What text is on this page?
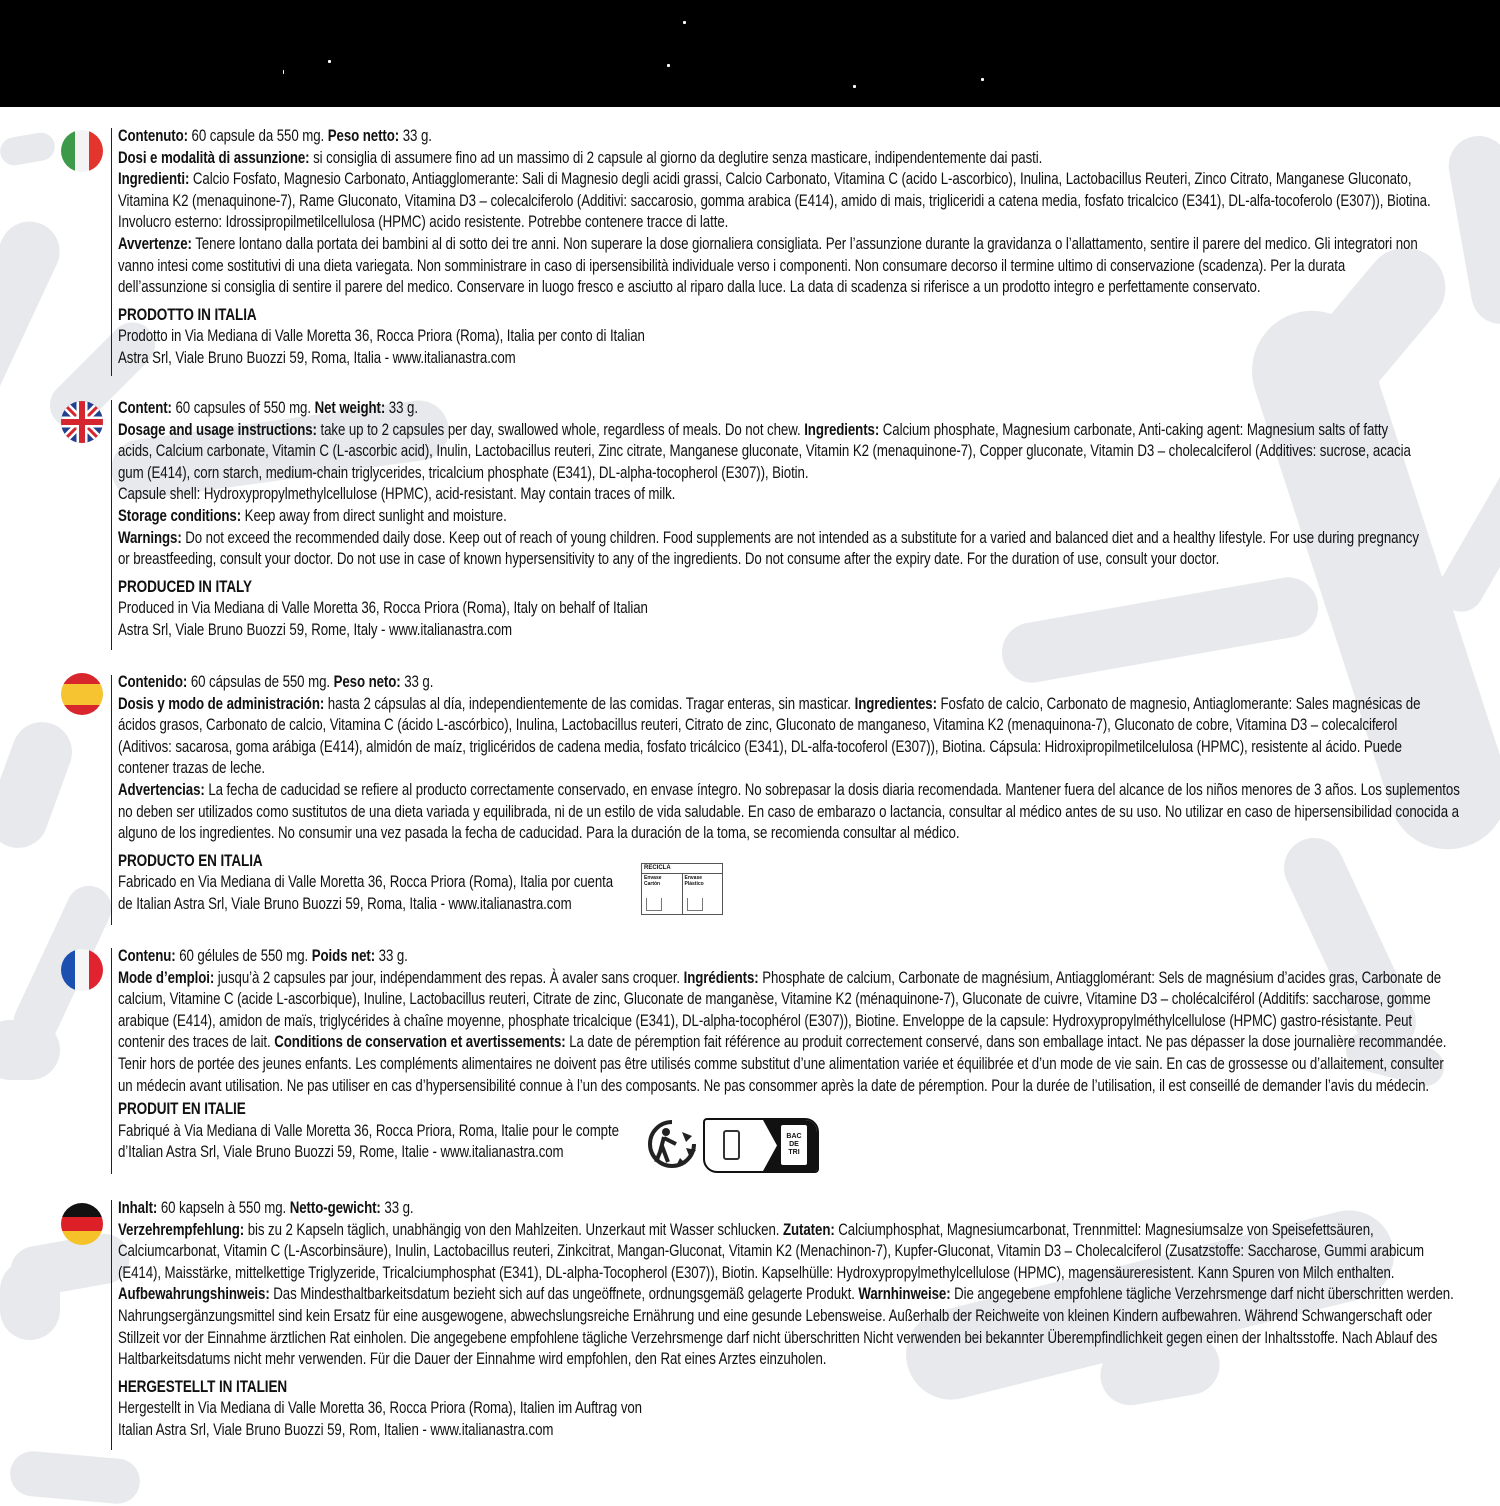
Contenuto: 60 capsule da 550 mg. Peso netto: 33 g.

Dosi e modalità di assunzione: si consiglia di assumere fino ad un massimo di 2 capsule al giorno da deglutire senza masticare, indipendentemente dai pasti.

Ingredienti: Calcio Fosfato, Magnesio Carbonato, Antiagglomerante: Sali di Magnesio degli acidi grassi, Calcio Carbonato, Vitamina C (acido L-ascorbico), Inulina, Lactobacillus Reuteri, Zinco Citrato, Manganese Gluconato, Vitamina K2 (menaquinone-7), Rame Gluconato, Vitamina D3 – colecalciferolo (Additivi: saccarosio, gomma arabica (E414), amido di mais, trigliceridi a catena media, fosfato tricalcico (E341), DL-alfa-tocoferolo (E307)), Biotina.

Involucro esterno: Idrossipropilmetilcellulosa (HPMC) acido resistente. Potrebbe contenere tracce di latte.

Avvertenze: Tenere lontano dalla portata dei bambini al di sotto dei tre anni. Non superare la dose giornaliera consigliata. Per l’assunzione durante la gravidanza o l’allattamento, sentire il parere del medico. Gli integratori non vanno intesi come sostitutivi di una dieta variegata. Non somministrare in caso di ipersensibilità individuale verso i componenti. Non consumare decorso il termine ultimo di conservazione (scadenza). Per la durata dell’assunzione si consiglia di sentire il parere del medico. Conservare in luogo fresco e asciutto al riparo dalla luce. La data di scadenza si riferisce a un prodotto integro e perfettamente conservato.

PRODOTTO IN ITALIA

Prodotto in Via Mediana di Valle Moretta 36, Rocca Priora (Roma), Italia per conto di Italian

Astra Srl, Viale Bruno Buozzi 59, Roma, Italia - www.italianastra.com

Content: 60 capsules of 550 mg. Net weight: 33 g.

Dosage and usage instructions: take up to 2 capsules per day, swallowed whole, regardless of meals. Do not chew. Ingredients: Calcium phosphate, Magnesium carbonate, Anti-caking agent: Magnesium salts of fatty acids, Calcium carbonate, Vitamin C (L-ascorbic acid), Inulin, Lactobacillus reuteri, Zinc citrate, Manganese gluconate, Vitamin K2 (menaquinone-7), Copper gluconate, Vitamin D3 – cholecalciferol (Additives: sucrose, acacia gum (E414), corn starch, medium-chain triglycerides, tricalcium phosphate (E341), DL-alpha-tocopherol (E307)), Biotin.

Capsule shell: Hydroxypropylmethylcellulose (HPMC), acid-resistant. May contain traces of milk.

Storage conditions: Keep away from direct sunlight and moisture.

Warnings: Do not exceed the recommended daily dose. Keep out of reach of young children. Food supplements are not intended as a substitute for a varied and balanced diet and a healthy lifestyle. For use during pregnancy or breastfeeding, consult your doctor. Do not use in case of known hypersensitivity to any of the ingredients. Do not consume after the expiry date. For the duration of use, consult your doctor.

PRODUCED IN ITALY

Produced in Via Mediana di Valle Moretta 36, Rocca Priora (Roma), Italy on behalf of Italian

Astra Srl, Viale Bruno Buozzi 59, Rome, Italy - www.italianastra.com

Contenido: 60 cápsulas de 550 mg. Peso neto: 33 g.

Dosis y modo de administración: hasta 2 cápsulas al día, independientemente de las comidas. Tragar enteras, sin masticar. Ingredientes: Fosfato de calcio, Carbonato de magnesio, Antiaglomerante: Sales magnésicas de ácidos grasos, Carbonato de calcio, Vitamina C (ácido L-ascórbico), Inulina, Lactobacillus reuteri, Citrato de zinc, Gluconato de manganeso, Vitamina K2 (menaquinona-7), Gluconato de cobre, Vitamina D3 – colecalciferol (Aditivos: sacarosa, goma arábiga (E414), almidón de maíz, triglicéridos de cadena media, fosfato tricálcico (E341), DL-alfa-tocoferol (E307)), Biotina. Cápsula: Hidroxipropilmetilcelulosa (HPMC), resistente al ácido. Puede contener trazas de leche.

Advertencias: La fecha de caducidad se refiere al producto correctamente conservado, en envase íntegro. No sobrepasar la dosis diaria recomendada. Mantener fuera del alcance de los niños menores de 3 años. Los suplementos no deben ser utilizados como sustitutos de una dieta variada y equilibrada, ni de un estilo de vida saludable. En caso de embarazo o lactancia, consultar al médico antes de su uso. No utilizar en caso de hipersensibilidad conocida a alguno de los ingredientes. No consumir una vez pasada la fecha de caducidad. Para la duración de la toma, se recomienda consultar al médico.

PRODUCTO EN ITALIA

Fabricado en Via Mediana di Valle Moretta 36, Rocca Priora (Roma), Italia por cuenta

de Italian Astra Srl, Viale Bruno Buozzi 59, Roma, Italia - www.italianastra.com

RECICLA
Envase Cartón
Envase Plástico

Contenu: 60 gélules de 550 mg. Poids net: 33 g.

Mode d’emploi: jusqu’à 2 capsules par jour, indépendamment des repas. À avaler sans croquer. Ingrédients: Phosphate de calcium, Carbonate de magnésium, Antiagglomérant: Sels de magnésium d’acides gras, Carbonate de calcium, Vitamine C (acide L-ascorbique), Inuline, Lactobacillus reuteri, Citrate de zinc, Gluconate de manganèse, Vitamine K2 (ménaquinone-7), Gluconate de cuivre, Vitamine D3 – cholécalciférol (Additifs: saccharose, gomme arabique (E414), amidon de maïs, triglycérides à chaîne moyenne, phosphate tricalcique (E341), DL-alpha-tocophérol (E307)), Biotine. Enveloppe de la capsule: Hydroxypropylméthylcellulose (HPMC) gastro-résistante. Peut contenir des traces de lait. Conditions de conservation et avertissements: La date de péremption fait référence au produit correctement conservé, dans son emballage intact. Ne pas dépasser la dose journalière recommandée. Tenir hors de portée des jeunes enfants. Les compléments alimentaires ne doivent pas être utilisés comme substitut d’une alimentation variée et équilibrée et d’un mode de vie sain. En cas de grossesse ou d’allaitement, consulter un médecin avant utilisation. Ne pas utiliser en cas d’hypersensibilité connue à l’un des composants. Ne pas consommer après la date de péremption. Pour la durée de l’utilisation, il est conseillé de demander l’avis du médecin.

PRODUIT EN ITALIE

Fabriqué à Via Mediana di Valle Moretta 36, Rocca Priora, Roma, Italie pour le compte

d’Italian Astra Srl, Viale Bruno Buozzi 59, Rome, Italie - www.italianastra.com

BAC
DE
TRI

Inhalt: 60 kapseln à 550 mg. Netto-gewicht: 33 g.

Verzehrempfehlung: bis zu 2 Kapseln täglich, unabhängig von den Mahlzeiten. Unzerkaut mit Wasser schlucken. Zutaten: Calciumphosphat, Magnesiumcarbonat, Trennmittel: Magnesiumsalze von Speisefettsäuren, Calciumcarbonat, Vitamin C (L-Ascorbinsäure), Inulin, Lactobacillus reuteri, Zinkcitrat, Mangan-Gluconat, Vitamin K2 (Menachinon-7), Kupfer-Gluconat, Vitamin D3 – Cholecalciferol (Zusatzstoffe: Saccharose, Gummi arabicum (E414), Maisstärke, mittelkettige Triglyzeride, Tricalciumphosphat (E341), DL-alpha-Tocopherol (E307)), Biotin. Kapselhülle: Hydroxypropylmethylcellulose (HPMC), magensäureresistent. Kann Spuren von Milch enthalten.

Aufbewahrungshinweis: Das Mindesthaltbarkeitsdatum bezieht sich auf das ungeöffnete, ordnungsgemäß gelagerte Produkt. Warnhinweise: Die angegebene empfohlene tägliche Verzehrsmenge darf nicht überschritten werden. Nahrungsergänzungsmittel sind kein Ersatz für eine ausgewogene, abwechslungsreiche Ernährung und eine gesunde Lebensweise. Außerhalb der Reichweite von kleinen Kindern aufbewahren. Während Schwangerschaft oder Stillzeit vor der Einnahme ärztlichen Rat einholen. Die angegebene empfohlene tägliche Verzehrsmenge darf nicht überschritten Nicht verwenden bei bekannter Überempfindlichkeit gegen einen der Inhaltsstoffe. Nach Ablauf des Haltbarkeitsdatums nicht mehr verwenden. Für die Dauer der Einnahme wird empfohlen, den Rat eines Arztes einzuholen.

HERGESTELLT IN ITALIEN

Hergestellt in Via Mediana di Valle Moretta 36, Rocca Priora (Roma), Italien im Auftrag von

Italian Astra Srl, Viale Bruno Buozzi 59, Rom, Italien - www.italianastra.com
